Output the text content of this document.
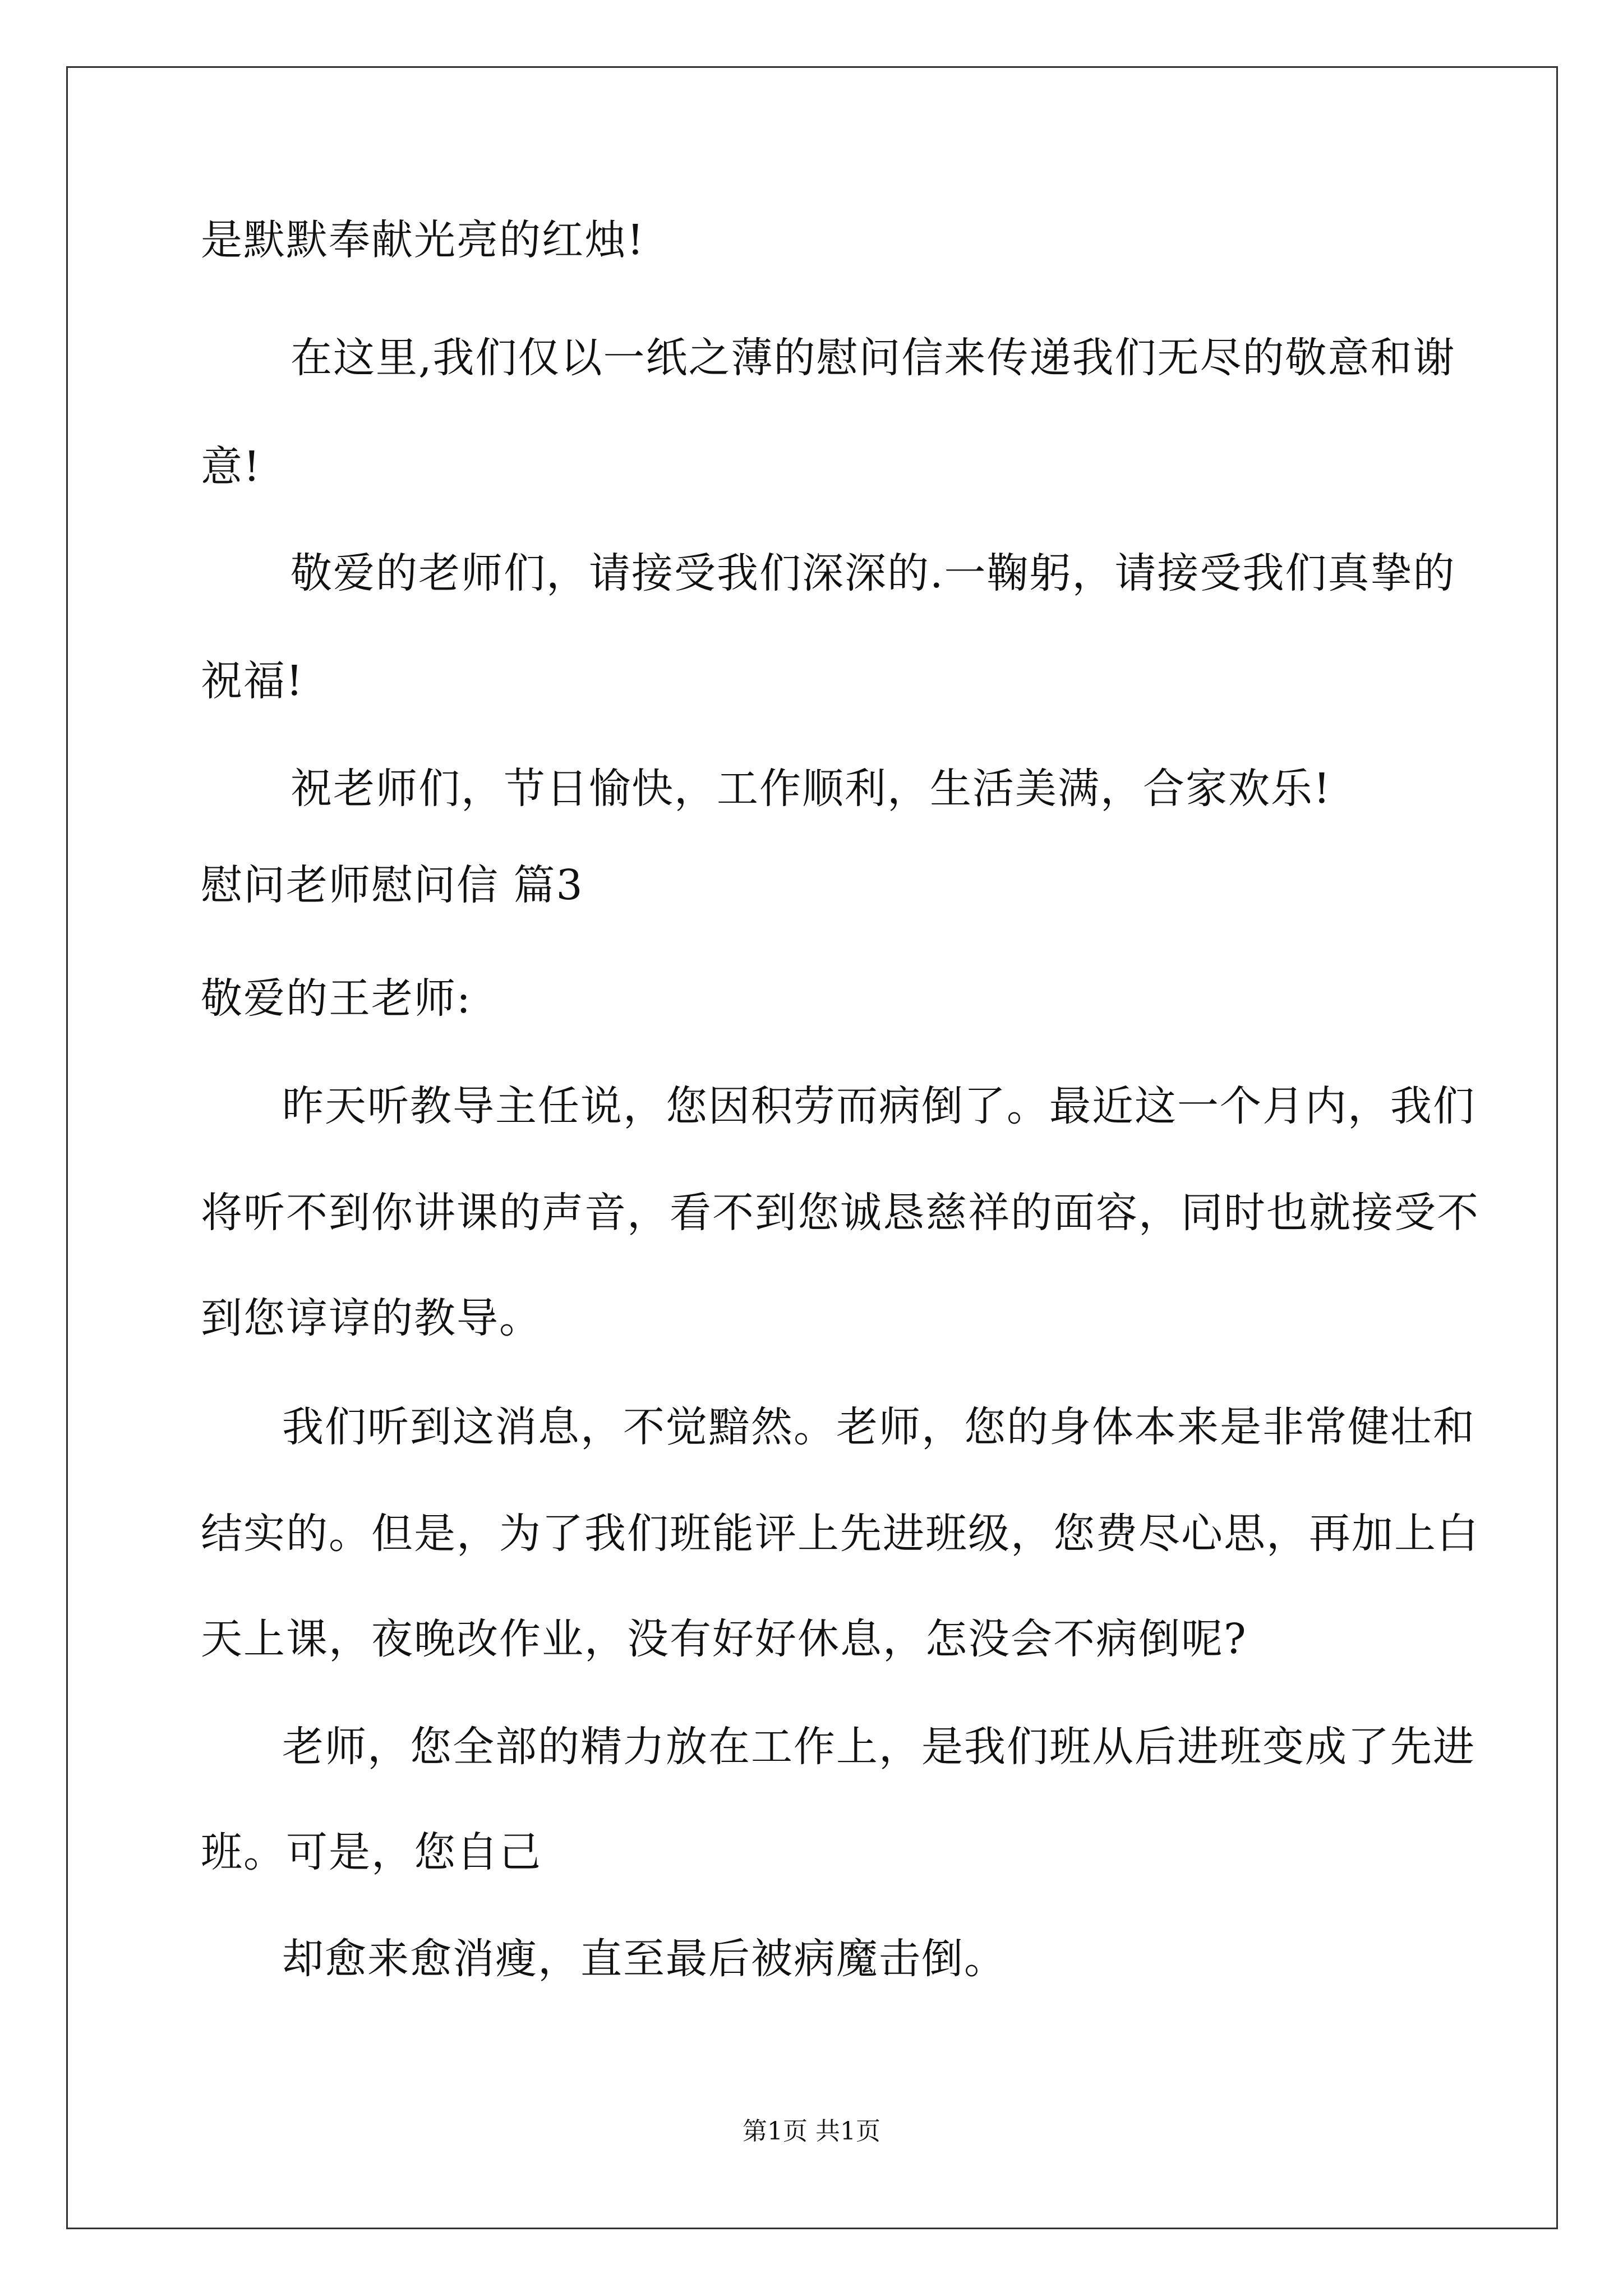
是默默奉献光亮的红烛!
在这里,我们仅以一纸之薄的慰问信来传递我们无尽的敬意和谢
意!
敬爱的老师们，请接受我们深深的.一鞠躬，请接受我们真挚的
祝福!
祝老师们，节日愉快，工作顺利，生活美满，合家欢乐!
慰问老师慰问信 篇3
敬爱的王老师:
昨天听教导主任说，您因积劳而病倒了。最近这一个月内，我们
将听不到你讲课的声音，看不到您诚恳慈祥的面容，同时也就接受不
到您谆谆的教导。
我们听到这消息，不觉黯然。老师，您的身体本来是非常健壮和
结实的。但是，为了我们班能评上先进班级，您费尽心思，再加上白
天上课，夜晚改作业，没有好好休息，怎没会不病倒呢?
老师，您全部的精力放在工作上，是我们班从后进班变成了先进
班。可是，您自己
却愈来愈消瘦，直至最后被病魔击倒。
第1页 共1页
